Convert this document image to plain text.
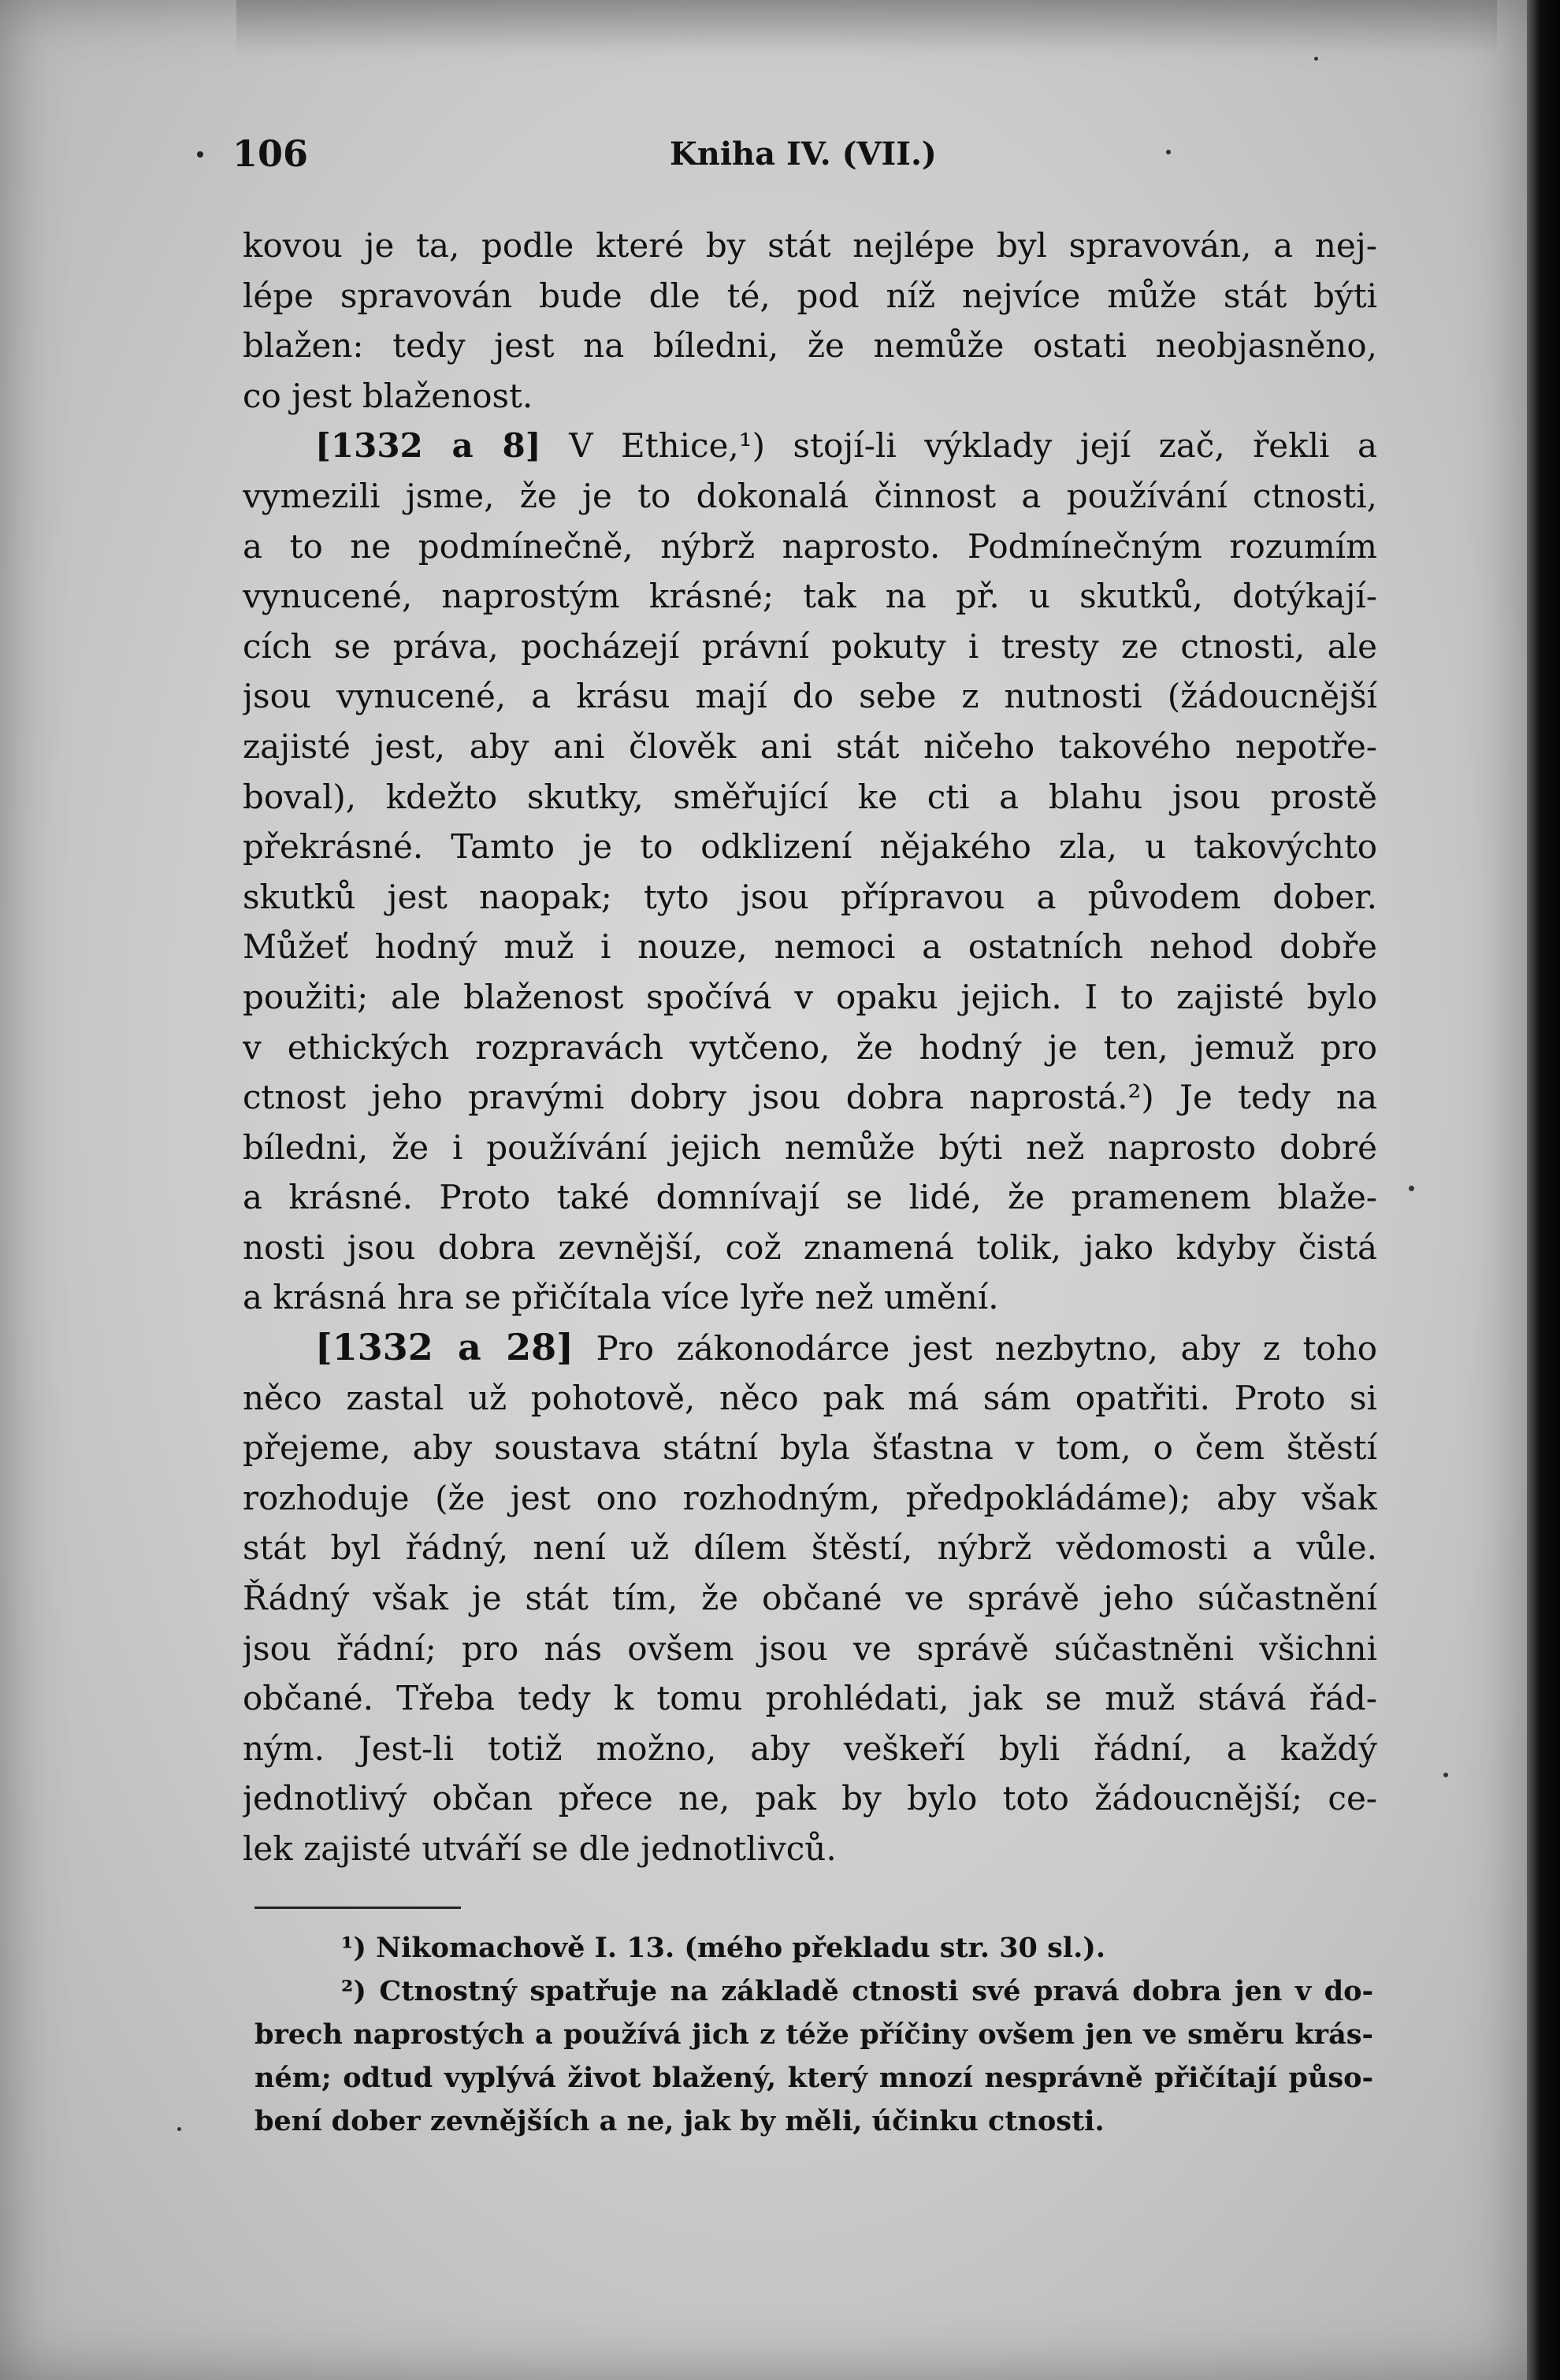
106	Kniha IV. (VII.)
kovou je ta, podle které by stát nejlépe byl spravován, a nej-
lépe spravován bude dle té, pod níž nejvíce může stát býti
blažen: tedy jest na bíledni, že nemůže ostati neobjasněno,
co jest blaženost.
[1332 a 8] V Ethice,¹) stojí-li výklady její zač, řekli a
vymezili jsme, že je to dokonalá činnost a používání ctnosti,
a to ne podmínečně, nýbrž naprosto. Podmínečným rozumím
vynucené, naprostým krásné; tak na př. u skutků, dotýkají-
cích se práva, pocházejí právní pokuty i tresty ze ctnosti, ale
jsou vynucené, a krásu mají do sebe z nutnosti (žádoucnější
zajisté jest, aby ani člověk ani stát ničeho takového nepotře-
boval), kdežto skutky, směřující ke cti a blahu jsou prostě
překrásné. Tamto je to odklizení nějakého zla, u takovýchto
skutků jest naopak; tyto jsou přípravou a původem dober.
Můžeť hodný muž i nouze, nemoci a ostatních nehod dobře
použiti; ale blaženost spočívá v opaku jejich. I to zajisté bylo
v ethických rozpravách vytčeno, že hodný je ten, jemuž pro
ctnost jeho pravými dobry jsou dobra naprostá.²) Je tedy na
bíledni, že i používání jejich nemůže býti než naprosto dobré
a krásné. Proto také domnívají se lidé, že pramenem blaže-
nosti jsou dobra zevnější, což znamená tolik, jako kdyby čistá
a krásná hra se přičítala více lyře než umění.
[1332 a 28] Pro zákonodárce jest nezbytno, aby z toho
něco zastal už pohotově, něco pak má sám opatřiti. Proto si
přejeme, aby soustava státní byla šťastna v tom, o čem štěstí
rozhoduje (že jest ono rozhodným, předpokládáme); aby však
stát byl řádný, není už dílem štěstí, nýbrž vědomosti a vůle.
Řádný však je stát tím, že občané ve správě jeho súčastnění
jsou řádní; pro nás ovšem jsou ve správě súčastněni všichni
občané. Třeba tedy k tomu prohlédati, jak se muž stává řád-
ným. Jest-li totiž možno, aby veškeří byli řádní, a každý
jednotlivý občan přece ne, pak by bylo toto žádoucnější; ce-
lek zajisté utváří se dle jednotlivců.
¹) Nikomachově I. 13. (mého překladu str. 30 sl.).
²) Ctnostný spatřuje na základě ctnosti své pravá dobra jen v do-
brech naprostých a používá jich z téže příčiny ovšem jen ve směru krás-
ném; odtud vyplývá život blažený, který mnozí nesprávně přičítají půso-
bení dober zevnějších a ne, jak by měli, účinku ctnosti.
